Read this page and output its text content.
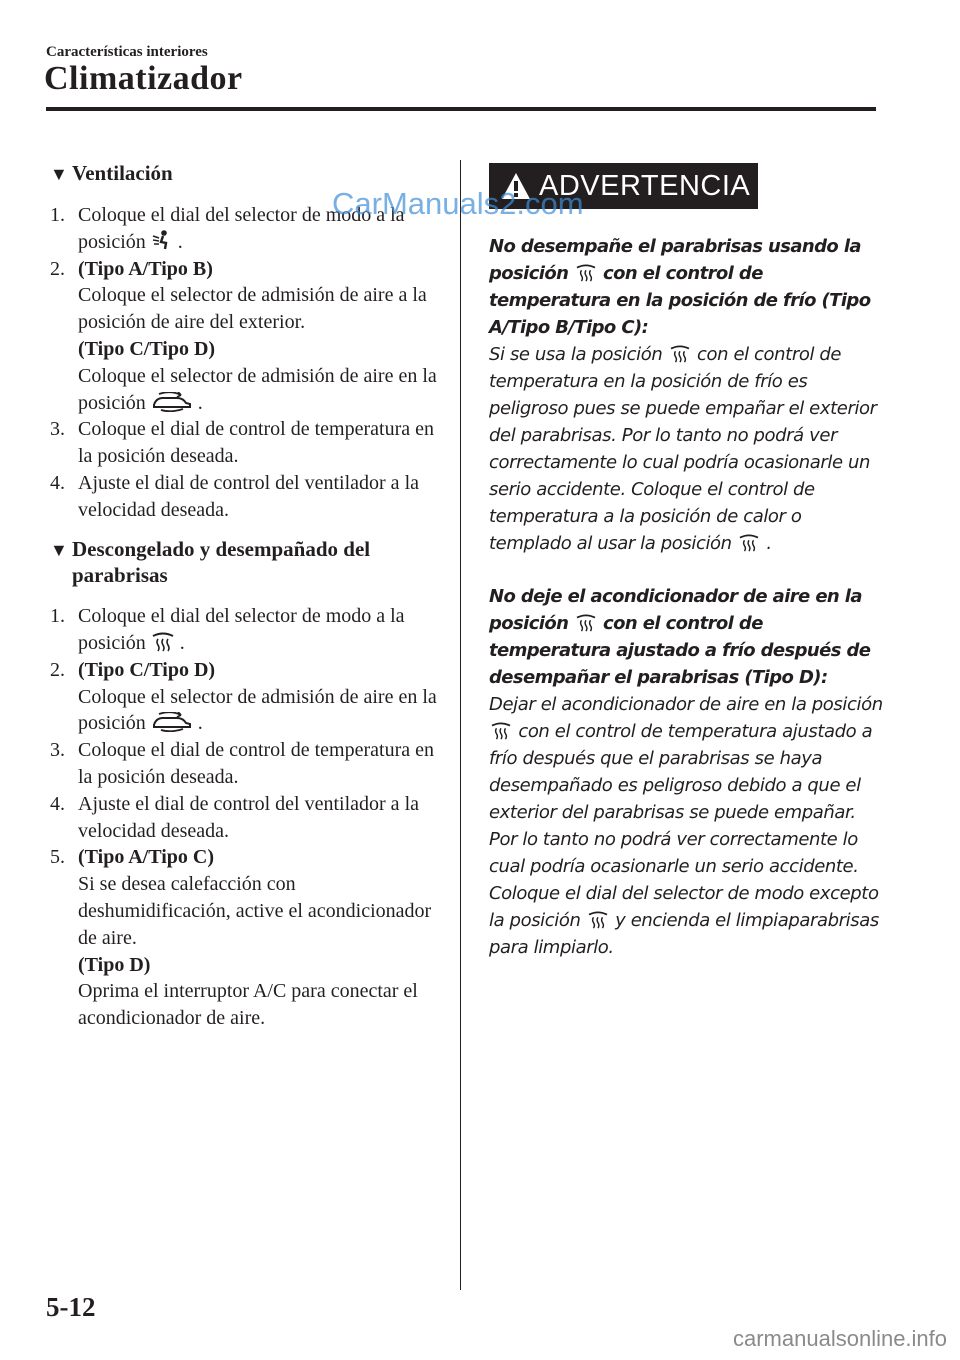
Características interiores
Climatizador
▼ Ventilación
1. Coloque el dial del selector de modo a la posición .
2. (Tipo A/Tipo B)
Coloque el selector de admisión de aire a la posición de aire del exterior.
(Tipo C/Tipo D)
Coloque el selector de admisión de aire en la posición	.
3. Coloque el dial de control de temperatura en la posición deseada.
4. Ajuste el dial de control del ventilador a la velocidad deseada.
▼ Descongelado y desempañado del parabrisas
1. Coloque el dial del selector de modo a la posición .
2. (Tipo C/Tipo D)
Coloque el selector de admisión de aire en la posición	.
3. Coloque el dial de control de temperatura en la posición deseada.
4. Ajuste el dial de control del ventilador a la velocidad deseada.
5. (Tipo A/Tipo C)
Si se desea calefacción con deshumidificación, active el acondicionador de aire.
(Tipo D)
Oprima el interruptor A/C para conectar el acondicionador de aire.
ADVERTENCIA
No desempañe el parabrisas usando la posición con el control de temperatura en la posición de frío (Tipo A/Tipo B/Tipo C):
Si se usa la posición con el control de temperatura en la posición de frío es peligroso pues se puede empañar el exterior del parabrisas. Por lo tanto no podrá ver correctamente lo cual podría ocasionarle un serio accidente. Coloque el control de temperatura a la posición de calor o templado al usar la posición .
No deje el acondicionador de aire en la posición con el control de temperatura ajustado a frío después de desempañar el parabrisas (Tipo D):
Dejar el acondicionador de aire en la posición  con el control de temperatura ajustado a frío después que el parabrisas se haya desempañado es peligroso debido a que el exterior del parabrisas se puede empañar. Por lo tanto no podrá ver correctamente lo cual podría ocasionarle un serio accidente.
Coloque el dial del selector de modo excepto la posición y encienda el limpiaparabrisas para limpiarlo.
5-12
CarManuals2.com
carmanualsonline.info
